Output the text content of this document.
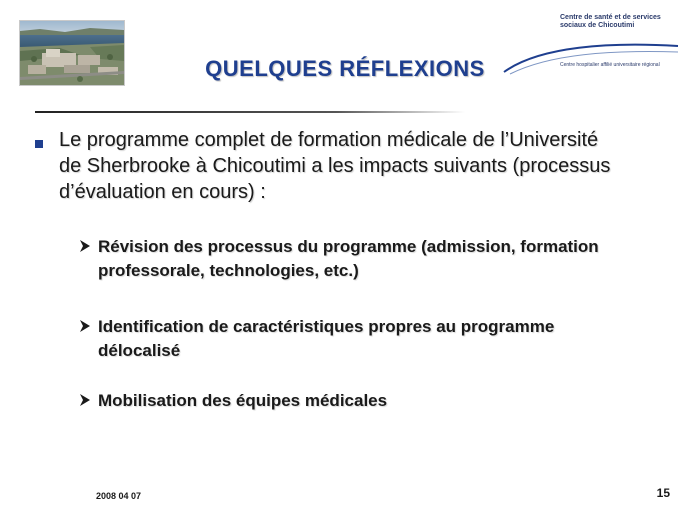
QUELQUES RÉFLEXIONS
Centre de santé et de services sociaux de Chicoutimi
Centre hospitalier affilié universitaire régional
Le programme complet de formation médicale de l’Université de Sherbrooke à Chicoutimi a les impacts suivants (processus d’évaluation en cours) :
Révision des processus du programme (admission, formation professorale, technologies, etc.)
Identification de caractéristiques propres au programme délocalisé
Mobilisation des équipes médicales
2008 04 07	15
